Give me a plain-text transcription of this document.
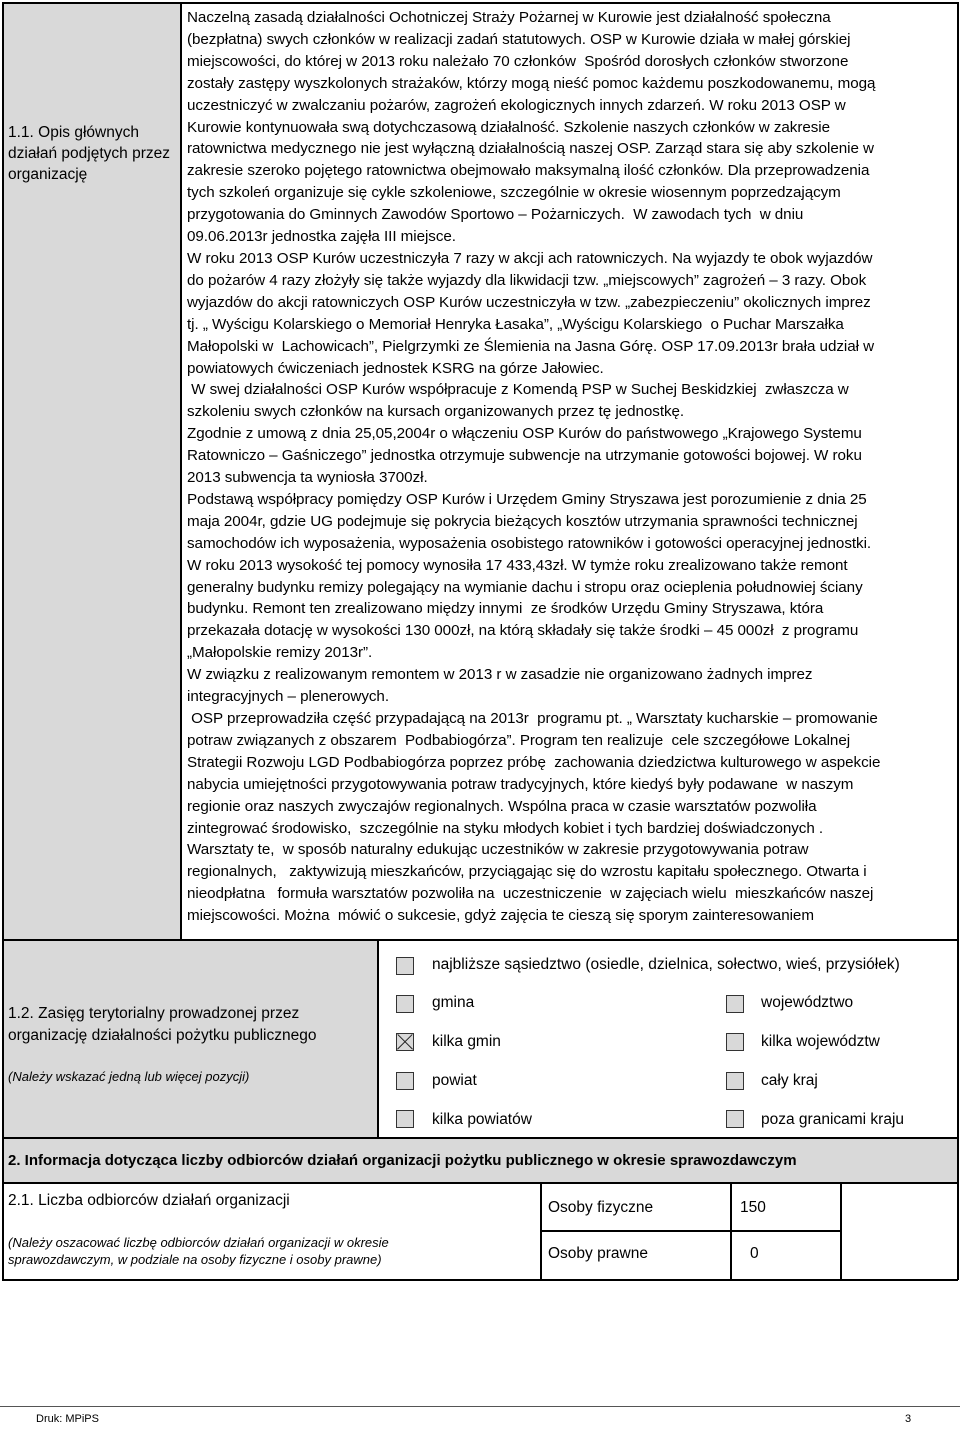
1.1. Opis głównych działań podjętych przez organizację
Naczelną zasadą działalności Ochotniczej Straży Pożarnej w Kurowie jest działalność społeczna
(bezpłatna) swych członków w realizacji zadań statutowych. OSP w Kurowie działa w małej górskiej
miejscowości, do której w 2013 roku należało 70 członków  Spośród dorosłych członków stworzone
zostały zastępy wyszkolonych strażaków, którzy mogą nieść pomoc każdemu poszkodowanemu, mogą
uczestniczyć w zwalczaniu pożarów, zagrożeń ekologicznych innych zdarzeń. W roku 2013 OSP w
Kurowie kontynuowała swą dotychczasową działalność. Szkolenie naszych członków w zakresie
ratownictwa medycznego nie jest wyłączną działalnością naszej OSP. Zarząd stara się aby szkolenie w
zakresie szeroko pojętego ratownictwa obejmowało maksymalną ilość członków. Dla przeprowadzenia
tych szkoleń organizuje się cykle szkoleniowe, szczególnie w okresie wiosennym poprzedzającym
przygotowania do Gminnych Zawodów Sportowo – Pożarniczych.  W zawodach tych  w dniu
09.06.2013r jednostka zajęła III miejsce.
W roku 2013 OSP Kurów uczestniczyła 7 razy w akcji ach ratowniczych. Na wyjazdy te obok wyjazdów
do pożarów 4 razy złożyły się także wyjazdy dla likwidacji tzw. „miejscowych” zagrożeń – 3 razy. Obok
wyjazdów do akcji ratowniczych OSP Kurów uczestniczyła w tzw. „zabezpieczeniu” okolicznych imprez
tj. „ Wyścigu Kolarskiego o Memoriał Henryka Łasaka”, „Wyścigu Kolarskiego  o Puchar Marszałka
Małopolski w  Lachowicach”, Pielgrzymki ze Ślemienia na Jasna Górę. OSP 17.09.2013r brała udział w
powiatowych ćwiczeniach jednostek KSRG na górze Jałowiec.
W swej działalności OSP Kurów współpracuje z Komendą PSP w Suchej Beskidzkiej  zwłaszcza w
szkoleniu swych członków na kursach organizowanych przez tę jednostkę.
Zgodnie z umową z dnia 25,05,2004r o włączeniu OSP Kurów do państwowego „Krajowego Systemu
Ratowniczo – Gaśniczego” jednostka otrzymuje subwencje na utrzymanie gotowości bojowej. W roku
2013 subwencja ta wyniosła 3700zł.
Podstawą współpracy pomiędzy OSP Kurów i Urzędem Gminy Stryszawa jest porozumienie z dnia 25
maja 2004r, gdzie UG podejmuje się pokrycia bieżących kosztów utrzymania sprawności technicznej
samochodów ich wyposażenia, wyposażenia osobistego ratowników i gotowości operacyjnej jednostki.
W roku 2013 wysokość tej pomocy wynosiła 17 433,43zł. W tymże roku zrealizowano także remont
generalny budynku remizy polegający na wymianie dachu i stropu oraz ocieplenia połudnowiej ściany
budynku. Remont ten zrealizowano między innymi  ze środków Urzędu Gminy Stryszawa, która
przekazała dotację w wysokości 130 000zł, na którą składały się także środki – 45 000zł  z programu
„Małopolskie remizy 2013r”.
W związku z realizowanym remontem w 2013 r w zasadzie nie organizowano żadnych imprez
integracyjnych – plenerowych.
OSP przeprowadziła część przypadającą na 2013r  programu pt. „ Warsztaty kucharskie – promowanie
potraw związanych z obszarem  Podbabiogórza”. Program ten realizuje  cele szczegółowe Lokalnej
Strategii Rozwoju LGD Podbabiogórza poprzez próbę  zachowania dziedzictwa kulturowego w aspekcie
nabycia umiejętności przygotowywania potraw tradycyjnych, które kiedyś były podawane  w naszym
regionie oraz naszych zwyczajów regionalnych. Wspólna praca w czasie warsztatów pozwoliła
zintegrować środowisko,  szczególnie na styku młodych kobiet i tych bardziej doświadczonych .
Warsztaty te,  w sposób naturalny edukując uczestników w zakresie przygotowywania potraw
regionalnych,   zaktywizują mieszkańców, przyciągając się do wzrostu kapitału społecznego. Otwarta i
nieodpłatna   formuła warsztatów pozwoliła na  uczestniczenie  w zajęciach wielu  mieszkańców naszej
miejscowości. Można  mówić o sukcesie, gdyż zajęcia te cieszą się sporym zainteresowaniem
1.2. Zasięg terytorialny prowadzonej przez organizację działalności pożytku publicznego
(Należy wskazać jedną lub więcej pozycji)
najbliższe sąsiedztwo (osiedle, dzielnica, sołectwo, wieś, przysiółek)
gmina	województwo
kilka gmin	kilka województw
powiat	cały kraj
kilka powiatów	poza granicami kraju
2. Informacja dotycząca liczby odbiorców działań organizacji pożytku publicznego w okresie sprawozdawczym
2.1. Liczba odbiorców działań organizacji
(Należy oszacować liczbę odbiorców działań organizacji w okresie sprawozdawczym, w podziale na osoby fizyczne i osoby prawne)
Osoby fizyczne	150
Osoby prawne	0
Druk: MPiPS	3
